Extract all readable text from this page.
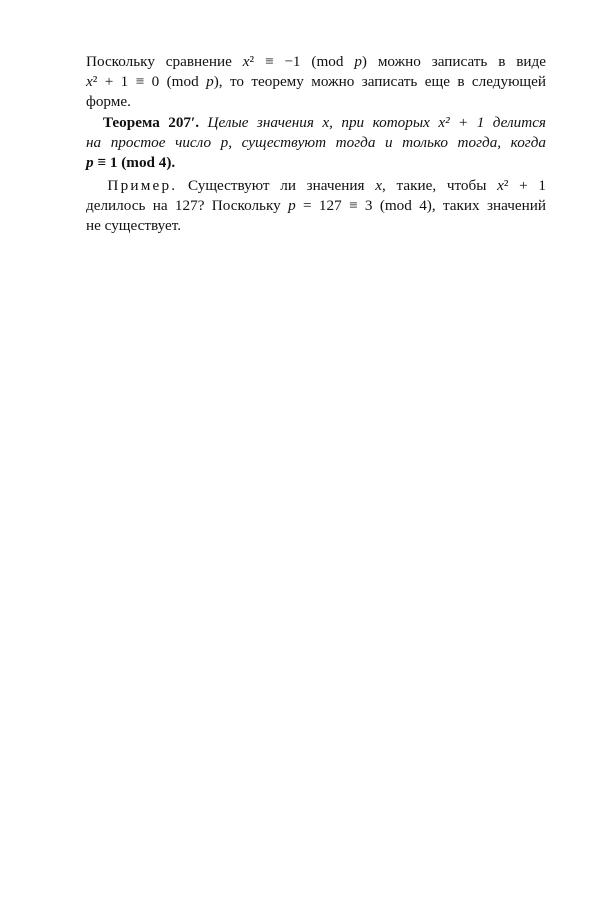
Поскольку сравнение x² ≡ −1 (mod p) можно записать в виде
x² + 1 ≡ 0 (mod p), то теорему можно записать еще в следующей
форме.
Теорема 207′. Целые значения x, при которых x² + 1 делится
на простое число p, существуют тогда и только тогда, когда
p ≡ 1 (mod 4).
Пример. Существуют ли значения x, такие, чтобы x² + 1
делилось на 127? Поскольку p = 127 ≡ 3 (mod 4), таких значений
не существует.
